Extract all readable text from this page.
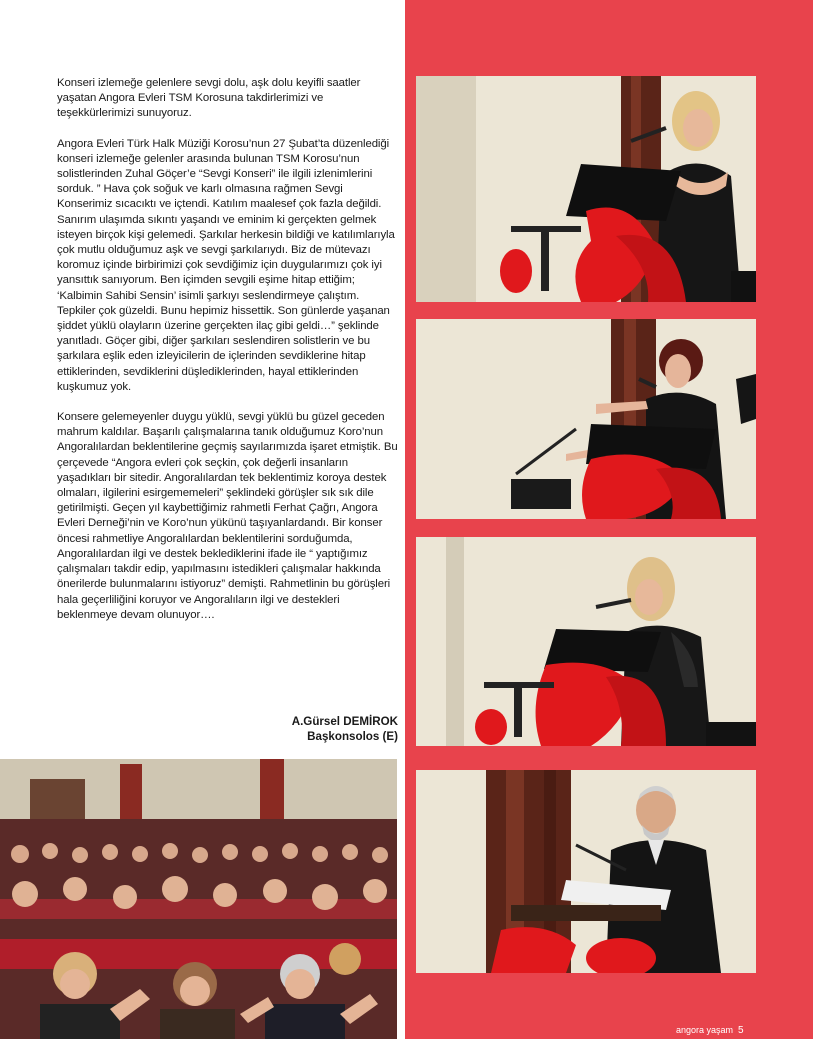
Konseri izlemeğe gelenlere sevgi dolu, aşk dolu keyifli saatler yaşatan Angora Evleri TSM Korosuna takdirlerimizi ve teşekkürlerimizi sunuyoruz.

Angora Evleri Türk Halk Müziği Korosu’nun 27 Şubat’ta düzenlediği konseri izlemeğe gelenler arasında bulunan TSM Korosu’nun solistlerinden Zuhal Göçer’e “Sevgi Konseri” ile ilgili izlenimlerini sorduk. ” Hava çok soğuk ve karlı olmasına rağmen Sevgi Konserimiz sıcacıktı ve içtendi. Katılım maalesef çok fazla değildi. Sanırım ulaşımda sıkıntı yaşandı ve eminim ki gerçekten gelmek isteyen birçok kişi gelemedi. Şarkılar herkesin bildiği ve katılımlarıyla çok mutlu olduğumuz aşk ve sevgi şarkılarıydı. Biz de mütevazı koromuz içinde birbirimizi çok sevdiğimiz için duygularımızı çok iyi yansıttık sanıyorum. Ben içimden sevgili eşime hitap ettiğim; ‘Kalbimin Sahibi Sensin’ isimli şarkıyı seslendirmeye çalıştım. Tepkiler çok güzeldi. Bunu hepimiz hissettik. Son günlerde yaşanan şiddet yüklü olayların üzerine gerçekten ilaç gibi geldi…” şeklinde yanıtladı. Göçer gibi, diğer şarkıları seslendiren solistlerin ve bu şarkılara eşlik eden izleyicilerin de içlerinden sevdiklerine hitap ettiklerinden, sevdiklerini düşlediklerinden, hayal ettiklerinden kuşkumuz yok.

Konsere gelemeyenler duygu yüklü, sevgi yüklü bu güzel geceden mahrum kaldılar. Başarılı çalışmalarına tanık olduğumuz Koro’nun Angoralılardan beklentilerine geçmiş sayılarımızda işaret etmiştik. Bu çerçevede “Angora evleri çok seçkin, çok değerli insanların yaşadıkları bir sitedir. Angoralılardan tek beklentimiz koroya destek olmaları, ilgilerini esirgememeleri” şeklindeki görüşler sık sık dile getirilmişti. Geçen yıl kaybettiğimiz rahmetli Ferhat Çağrı, Angora Evleri Derneği’nin ve Koro’nun yükünü taşıyanlardandı. Bir konser öncesi rahmetliye Angoralılardan beklentilerini sorduğumda, Angoralılardan ilgi ve destek beklediklerini ifade ile “ yaptığımız çalışmaları takdir edip, yapılmasını istedikleri çalışmalar hakkında önerilerde bulunmalarını istiyoruz” demişti. Rahmetlinin bu görüşleri hala geçerliliğini koruyor ve Angoralıların ilgi ve destekleri beklenmeye devam olunuyor….

A.Gürsel DEMİROK
Başkonsolos (E)
angora yaşam 5
